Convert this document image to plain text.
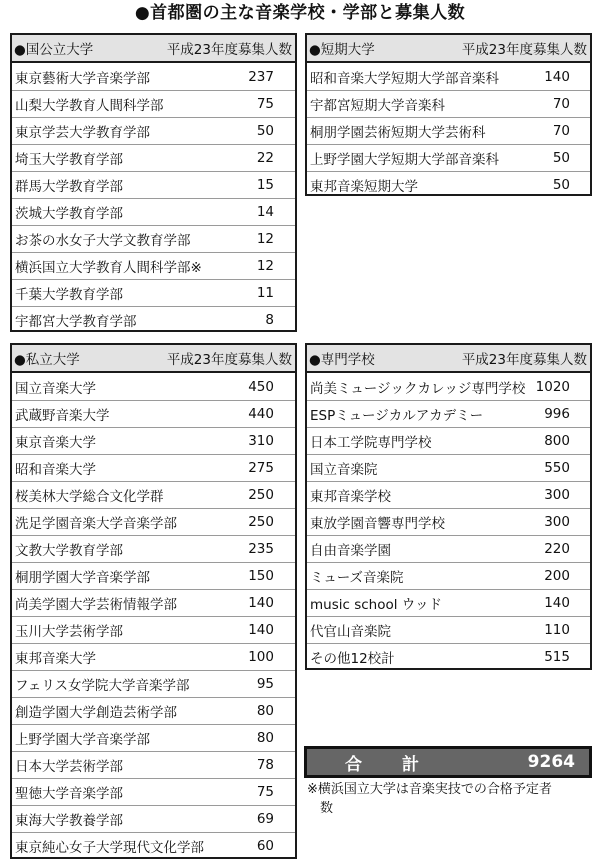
●首都圏の主な音楽学校・学部と募集人数
●国公立大学	平成23年度募集人数
東京藝術大学音楽学部	237
山梨大学教育人間科学部	75
東京学芸大学教育学部	50
埼玉大学教育学部	22
群馬大学教育学部	15
茨城大学教育学部	14
お茶の水女子大学文教育学部	12
横浜国立大学教育人間科学部※	12
千葉大学教育学部	11
宇都宮大学教育学部	8
●短期大学	平成23年度募集人数
昭和音楽大学短期大学部音楽科	140
宇都宮短期大学音楽科	70
桐朋学園芸術短期大学芸術科	70
上野学園大学短期大学部音楽科	50
東邦音楽短期大学	50
●私立大学	平成23年度募集人数
国立音楽大学	450
武蔵野音楽大学	440
東京音楽大学	310
昭和音楽大学	275
桜美林大学総合文化学群	250
洗足学園音楽大学音楽学部	250
文教大学教育学部	235
桐朋学園大学音楽学部	150
尚美学園大学芸術情報学部	140
玉川大学芸術学部	140
東邦音楽大学	100
フェリス女学院大学音楽学部	95
創造学園大学創造芸術学部	80
上野学園大学音楽学部	80
日本大学芸術学部	78
聖徳大学音楽学部	75
東海大学教養学部	69
東京純心女子大学現代文化学部	60
●専門学校	平成23年度募集人数
尚美ミュージックカレッジ専門学校 1020
ESPミュージカルアカデミー	996
日本工学院専門学校	800
国立音楽院	550
東邦音楽学校	300
東放学園音響専門学校	300
自由音楽学園	220
ミューズ音楽院	200
music school ウッド	140
代官山音楽院	110
その他12校計	515
合 計	9264
※横浜国立大学は音楽実技での合格予定者
数
